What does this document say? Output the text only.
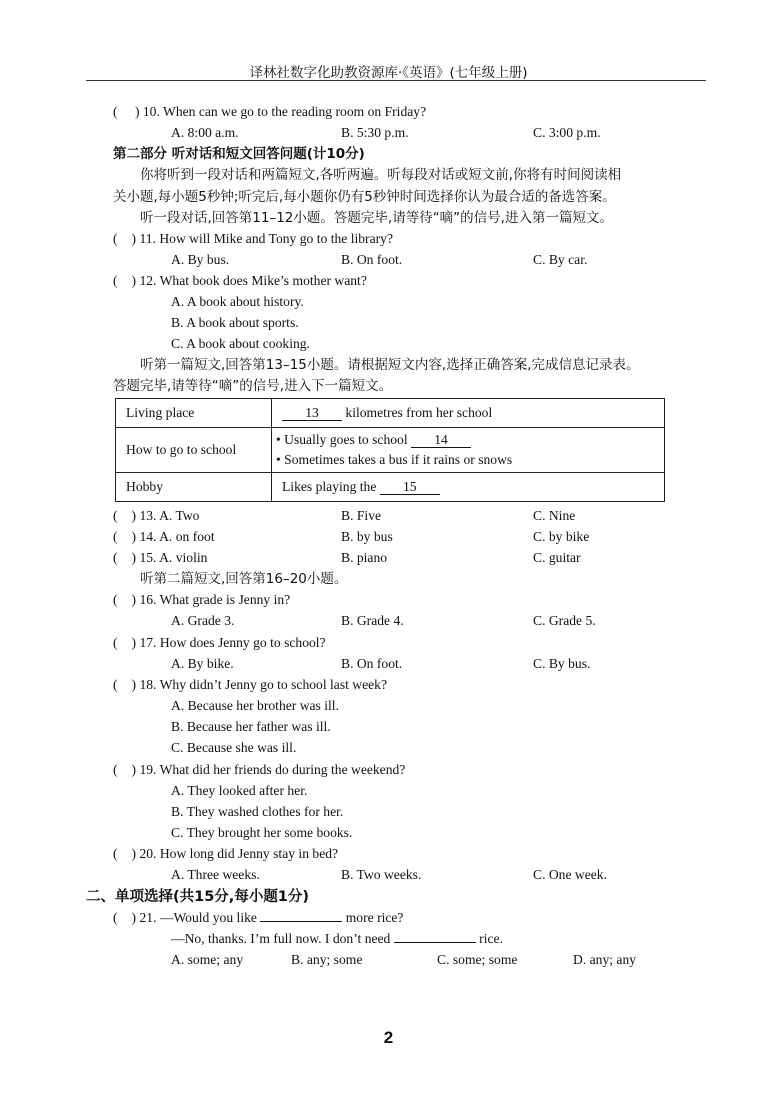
译林社数字化助教资源库·《英语》(七年级上册)
( ) 10. When can we go to the reading room on Friday?
A. 8:00 a.m.	B. 5:30 p.m.	C. 3:00 p.m.
第二部分 听对话和短文回答问题(计10分)
你将听到一段对话和两篇短文,各听两遍。听每段对话或短文前,你将有时间阅读相
关小题,每小题5秒钟;听完后,每小题你仍有5秒钟时间选择你认为最合适的备选答案。
听一段对话,回答第11–12小题。答题完毕,请等待“嘀”的信号,进入第一篇短文。
( ) 11. How will Mike and Tony go to the library?
A. By bus.	B. On foot.	C. By car.
( ) 12. What book does Mike’s mother want?
A. A book about history.
B. A book about sports.
C. A book about cooking.
听第一篇短文,回答第13–15小题。请根据短文内容,选择正确答案,完成信息记录表。
答题完毕,请等待“嘀”的信号,进入下一篇短文。
Living place	13 kilometres from her school
How to go to school	• Usually goes to school 14
• Sometimes takes a bus if it rains or snows

Hobby	Likes playing the 15
( ) 13. A. Two	B. Five	C. Nine
( ) 14. A. on foot	B. by bus	C. by bike
( ) 15. A. violin	B. piano	C. guitar
听第二篇短文,回答第16–20小题。
( ) 16. What grade is Jenny in?
A. Grade 3.	B. Grade 4.	C. Grade 5.
( ) 17. How does Jenny go to school?
A. By bike.	B. On foot.	C. By bus.
( ) 18. Why didn’t Jenny go to school last week?
A. Because her brother was ill.
B. Because her father was ill.
C. Because she was ill.
( ) 19. What did her friends do during the weekend?
A. They looked after her.
B. They washed clothes for her.
C. They brought her some books.
( ) 20. How long did Jenny stay in bed?
A. Three weeks.	B. Two weeks.	C. One week.
二、单项选择(共15分,每小题1分)
( ) 21. —Would you like	more rice?
—No, thanks. I’m full now. I don’t need	rice.
A. some; any	B. any; some	C. some; some	D. any; any
2
